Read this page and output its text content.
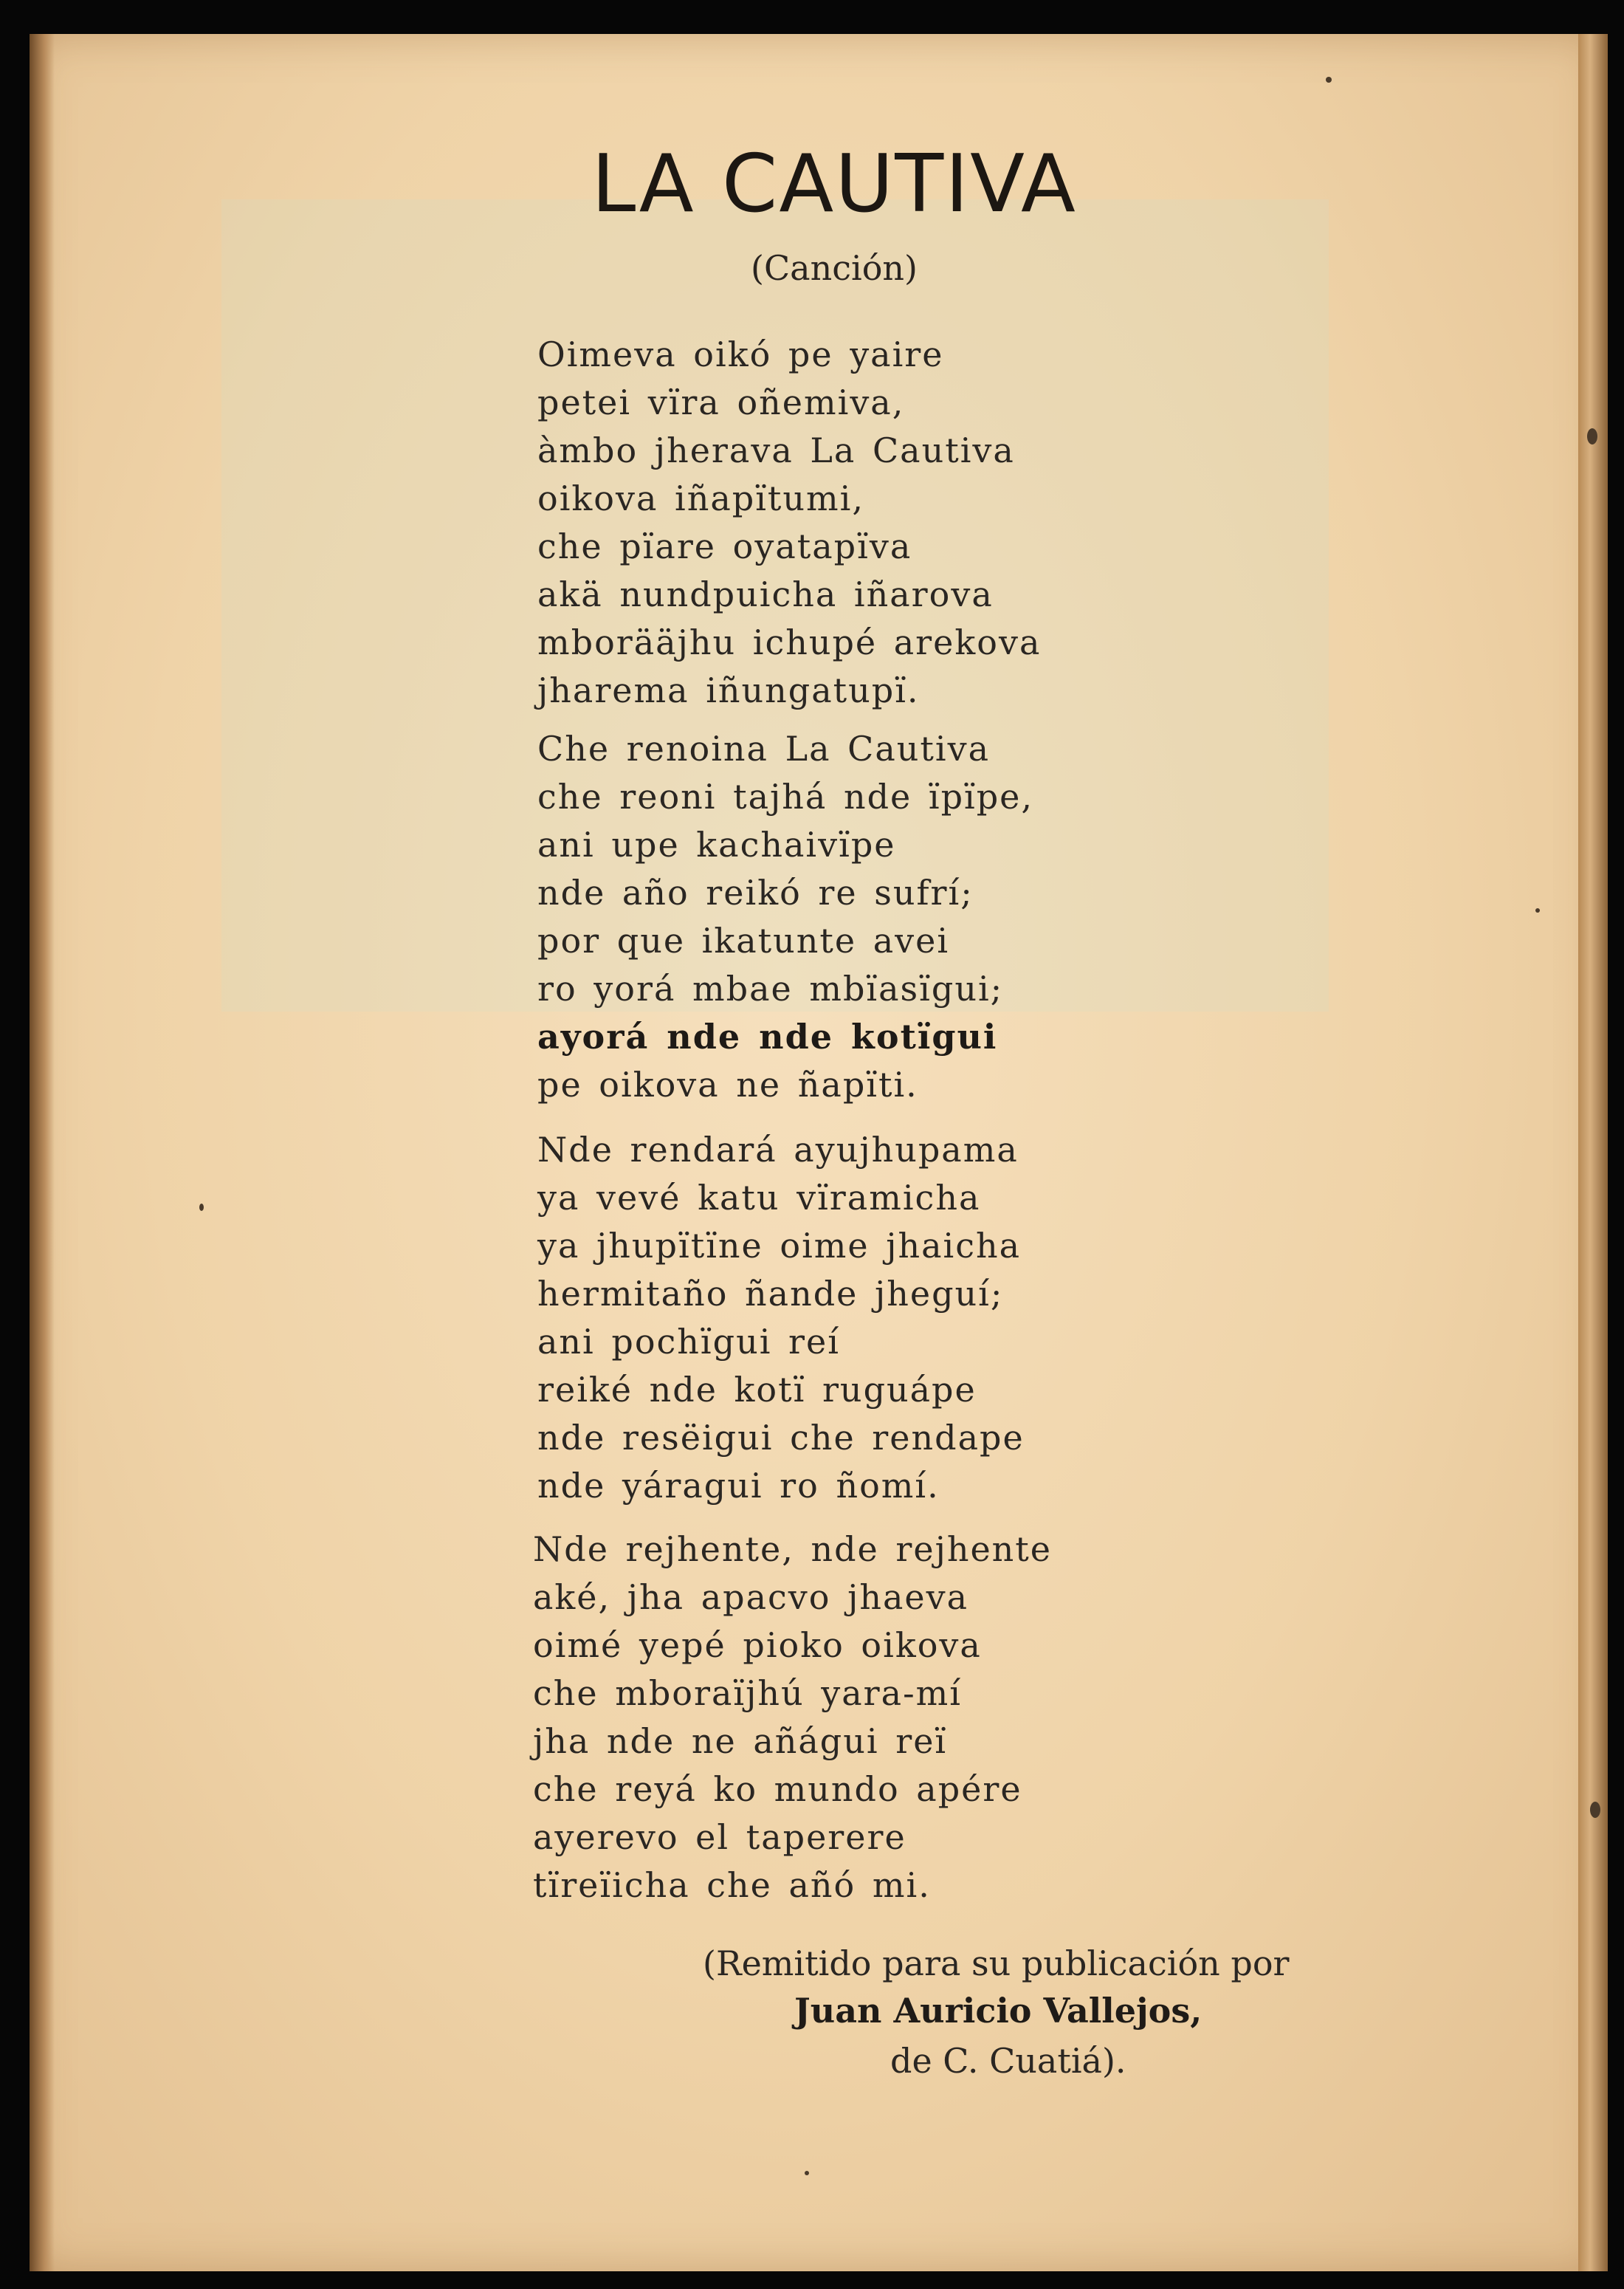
LA CAUTIVA
(Canción)
Oimeva oikó pe yaire
petei vïra oñemiva,
àmbo jherava La Cautiva
oikova iñapïtumi,
che pïare oyatapïva
akä nundpuicha iñarova
mborääjhu ichupé arekova
jharema iñungatupï.
Che renoina La Cautiva
che reoni tajhá nde ïpïpe,
ani upe kachaivïpe
nde año reikó re sufrí;
por que ikatunte avei
ro yorá mbae mbïasïgui;
ayorá nde nde kotïgui
pe oikova ne ñapïti.
Nde rendará ayujhupama
ya vevé katu vïramicha
ya jhupïtïne oime jhaicha
hermitaño ñande jheguí;
ani pochïgui reí
reiké nde kotï ruguápe
nde resëigui che rendape
nde yáragui ro ñomí.
Nde rejhente, nde rejhente
aké, jha apacvo jhaeva
oimé yepé pioko oikova
che mboraïjhú yara-mí
jha nde ne añágui reï
che reyá ko mundo apére
ayerevo el taperere
tïreïicha che añó mi.
(Remitido para su publicación por
Juan Auricio Vallejos,
de C. Cuatiá).
